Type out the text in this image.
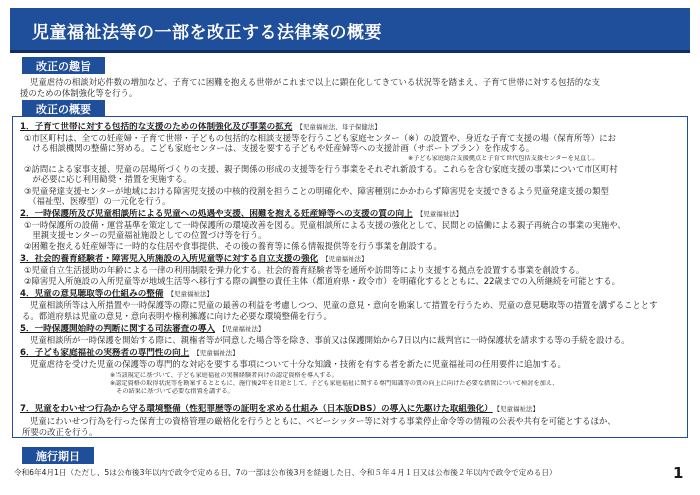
児童福祉法等の一部を改正する法律案の概要
改正の趣旨
児童虐待の相談対応件数の増加など、子育てに困難を抱える世帯がこれまで以上に顕在化してきている状況等を踏まえ、子育て世帯に対する包括的な支
援のための体制強化等を行う。
改正の概要
1．子育て世帯に対する包括的な支援のための体制強化及び事業の拡充 【児童福祉法、母子保健法】
①市区町村は、全ての妊産婦・子育て世帯・子どもの包括的な相談支援等を行うこども家庭センター（※）の設置や、身近な子育て支援の場（保育所等）にお
　ける相談機関の整備に努める。こども家庭センターは、支援を要する子どもや妊産婦等への支援計画（サポートプラン）を作成する。
※子ども家庭総合支援拠点と子育て世代包括支援センターを見直し。
②訪問による家事支援、児童の居場所づくりの支援、親子関係の形成の支援等を行う事業をそれぞれ新設する。これらを含む家庭支援の事業について市区町村
　が必要に応じ利用勧奨・措置を実施する。
③児童発達支援センターが地域における障害児支援の中核的役割を担うことの明確化や、障害種別にかかわらず障害児を支援できるよう児童発達支援の類型
　（福祉型、医療型）の一元化を行う。
2．一時保護所及び児童相談所による児童への処遇や支援、困難を抱える妊産婦等への支援の質の向上 【児童福祉法】
①一時保護所の設備・運営基準を策定して一時保護所の環境改善を図る。児童相談所による支援の強化として、民間との協働による親子再統合の事業の実施や、
　里親支援センターの児童福祉施設としての位置づけ等を行う。
②困難を抱える妊産婦等に一時的な住居や食事提供、その後の養育等に係る情報提供等を行う事業を創設する。
3．社会的養育経験者・障害児入所施設の入所児童等に対する自立支援の強化 【児童福祉法】
①児童自立生活援助の年齢による一律の利用制限を弾力化する。社会的養育経験者等を通所や訪問等により支援する拠点を設置する事業を創設する。
②障害児入所施設の入所児童等が地域生活等へ移行する際の調整の責任主体（都道府県・政令市）を明確化するとともに、22歳までの入所継続を可能とする。
4．児童の意見聴取等の仕組みの整備 【児童福祉法】
児童相談所等は入所措置や一時保護等の際に児童の最善の利益を考慮しつつ、児童の意見・意向を勘案して措置を行うため、児童の意見聴取等の措置を講ずることとす
る。都道府県は児童の意見・意向表明や権利擁護に向けた必要な環境整備を行う。
5．一時保護開始時の判断に関する司法審査の導入 【児童福祉法】
児童相談所が一時保護を開始する際に、親権者等が同意した場合等を除き、事前又は保護開始から7日以内に裁判官に一時保護状を請求する等の手続を設ける。
6．子ども家庭福祉の実務者の専門性の向上 【児童福祉法】
児童虐待を受けた児童の保護等の専門的な対応を要する事項について十分な知識・技術を有する者を新たに児童福祉司の任用要件に追加する。
※当該規定に基づいて、子ども家庭福祉の実務経験者向けの認定資格を導入する。
※認定資格の取得状況等を勘案するとともに、施行後2年を目途として、子ども家庭福祉に関する専門知識等の質の向上に向けた必要な措置について検討を加え、
　その結果に基づいて必要な措置を講ずる。
7．児童をわいせつ行為から守る環境整備（性犯罪歴等の証明を求める仕組み（日本版DBS）の導入に先駆けた取組強化） 【児童福祉法】
児童にわいせつ行為を行った保育士の資格管理の厳格化を行うとともに、ベビーシッター等に対する事業停止命令等の情報の公表や共有を可能とするほか、
所要の改正を行う。
施行期日
令和6年4月1日（ただし、5は公布後3年以内で政令で定める日、7の一部は公布後3月を経過した日、令和５年４月１日又は公布後２年以内で政令で定める日）	1
